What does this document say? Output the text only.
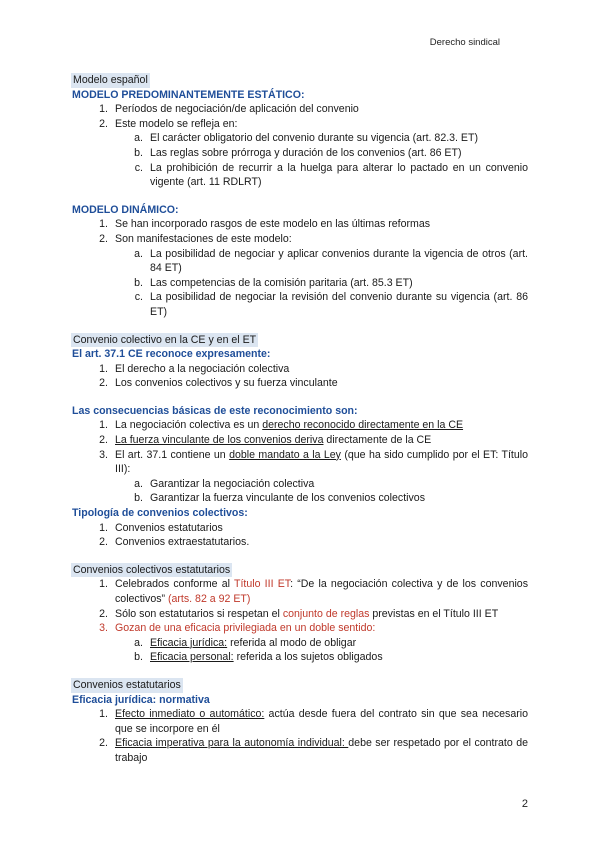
Derecho sindical
Modelo español
MODELO PREDOMINANTEMENTE ESTÁTICO:
1. Períodos de negociación/de aplicación del convenio
2. Este modelo se refleja en:
a. El carácter obligatorio del convenio durante su vigencia (art. 82.3. ET)
b. Las reglas sobre prórroga y duración de los convenios (art. 86 ET)
c. La prohibición de recurrir a la huelga para alterar lo pactado en un convenio vigente (art. 11 RDLRT)
MODELO DINÁMICO:
1. Se han incorporado rasgos de este modelo en las últimas reformas
2. Son manifestaciones de este modelo:
a. La posibilidad de negociar y aplicar convenios durante la vigencia de otros (art. 84 ET)
b. Las competencias de la comisión paritaria (art. 85.3 ET)
c. La posibilidad de negociar la revisión del convenio durante su vigencia (art. 86 ET)
Convenio colectivo en la CE y en el ET
El art. 37.1 CE reconoce expresamente:
1. El derecho a la negociación colectiva
2. Los convenios colectivos y su fuerza vinculante
Las consecuencias básicas de este reconocimiento son:
1. La negociación colectiva es un derecho reconocido directamente en la CE
2. La fuerza vinculante de los convenios deriva directamente de la CE
3. El art. 37.1 contiene un doble mandato a la Ley (que ha sido cumplido por el ET: Título III):
a. Garantizar la negociación colectiva
b. Garantizar la fuerza vinculante de los convenios colectivos
Tipología de convenios colectivos:
1. Convenios estatutarios
2. Convenios extraestatutarios.
Convenios colectivos estatutarios
1. Celebrados conforme al Título III ET: “De la negociación colectiva y de los convenios colectivos” (arts. 82 a 92 ET)
2. Sólo son estatutarios si respetan el conjunto de reglas previstas en el Título III ET
3. Gozan de una eficacia privilegiada en un doble sentido:
a. Eficacia jurídica: referida al modo de obligar
b. Eficacia personal: referida a los sujetos obligados
Convenios estatutarios
Eficacia jurídica: normativa
1. Efecto inmediato o automático: actúa desde fuera del contrato sin que sea necesario que se incorpore en él
2. Eficacia imperativa para la autonomía individual: debe ser respetado por el contrato de trabajo
2
